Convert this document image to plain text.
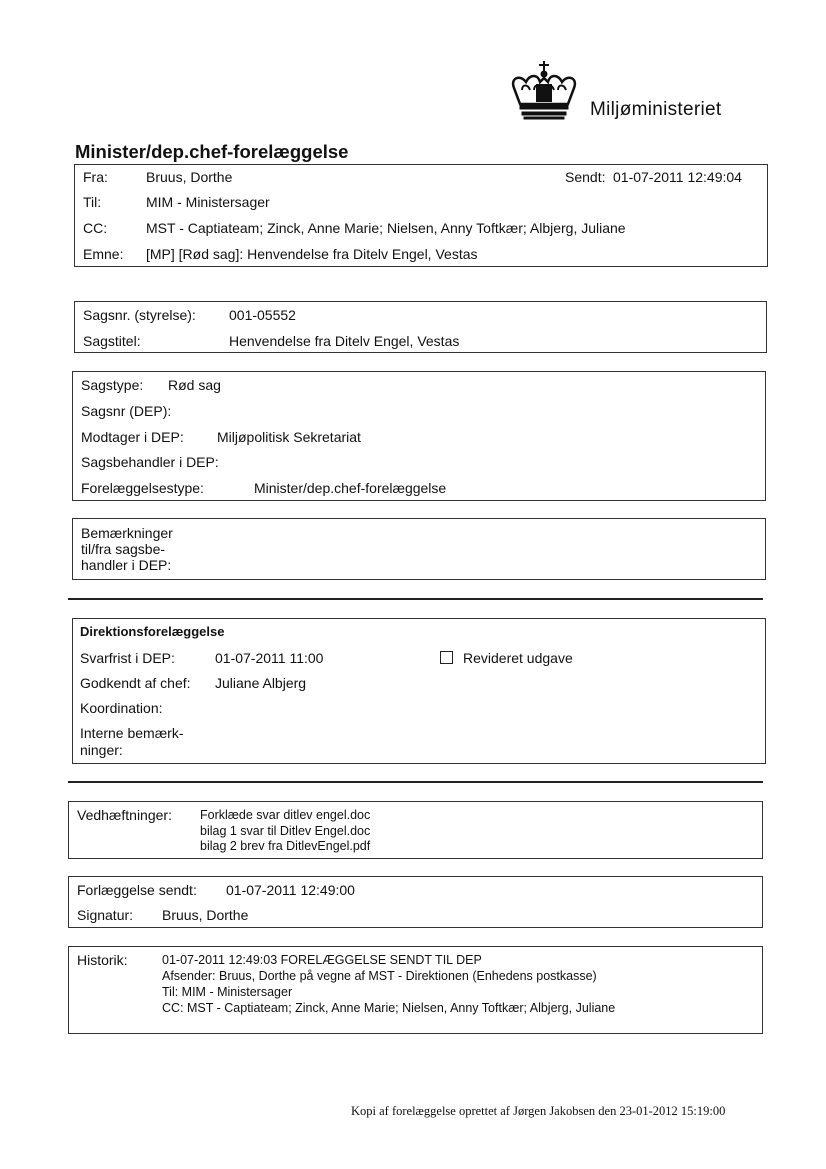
Miljøministeriet
Minister/dep.chef-forelæggelse
Fra:	Bruus, Dorthe	Sendt: 01-07-2011 12:49:04
Til:	MIM - Ministersager
CC:	MST - Captiateam; Zinck, Anne Marie; Nielsen, Anny Toftkær; Albjerg, Juliane
Emne: [MP] [Rød sag]: Henvendelse fra Ditelv Engel, Vestas
Sagsnr. (styrelse): 001-05552
Sagstitel:	Henvendelse fra Ditelv Engel, Vestas
Sagstype: Rød sag
Sagsnr (DEP):
Modtager i DEP: Miljøpolitisk Sekretariat
Sagsbehandler i DEP:
Forelæggelsestype:	Minister/dep.chef-forelæggelse
Bemærkninger
til/fra sagsbe-
handler i DEP:
Direktionsforelæggelse
Svarfrist i DEP:	01-07-2011 11:00	Revideret udgave
Godkendt af chef: Juliane Albjerg
Koordination:
Interne bemærk-
ninger:
Vedhæftninger: Forklæde svar ditlev engel.doc
bilag 1 svar til Ditlev Engel.doc
bilag 2 brev fra DitlevEngel.pdf
Forlæggelse sendt: 01-07-2011 12:49:00
Signatur: Bruus, Dorthe
Historik:	01-07-2011 12:49:03 FORELÆGGELSE SENDT TIL DEP
Afsender: Bruus, Dorthe på vegne af MST - Direktionen (Enhedens postkasse)
Til: MIM - Ministersager
CC: MST - Captiateam; Zinck, Anne Marie; Nielsen, Anny Toftkær; Albjerg, Juliane
Kopi af forelæggelse oprettet af Jørgen Jakobsen den 23-01-2012 15:19:00
